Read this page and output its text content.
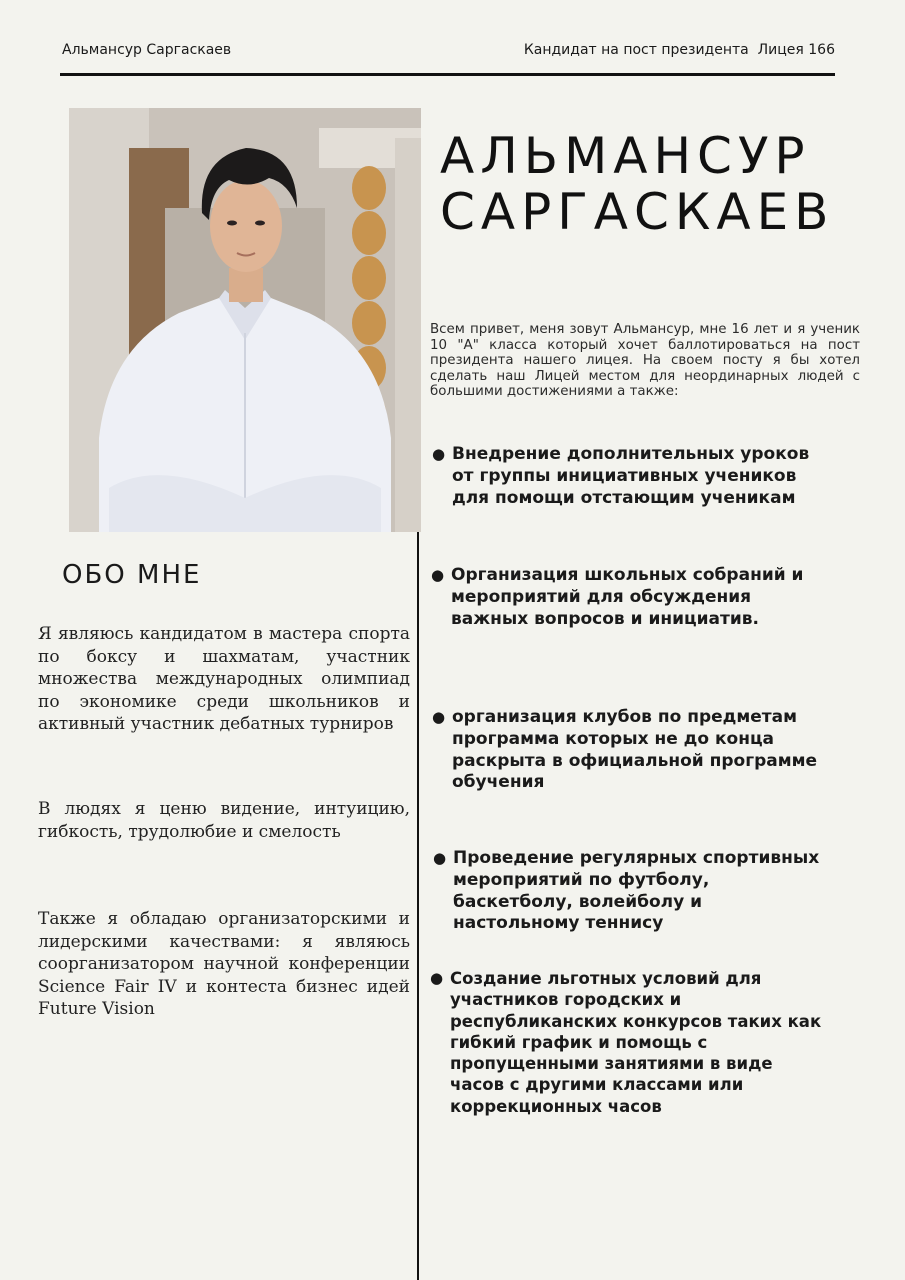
Альмансур Саргаскаев	Кандидат на пост президента  Лицея 166
АЛЬМАНСУР
САРГАСКАЕВ
Всем привет, меня зовут Альмансур, мне 16 лет и я ученик 10 "А" класса который хочет баллотироваться на пост президента нашего лицея. На своем посту я бы хотел сделать наш Лицей местом для неординарных людей с большими достижениями а также:
ОБО МНЕ
Я являюсь кандидатом в мастера спорта по боксу и шахматам, участник множества международных олимпиад по экономике среди школьников и активный участник дебатных турниров
В людях я ценю видение, интуицию, гибкость, трудолюбие и смелость
Также я обладаю организаторскими и лидерскими качествами: я являюсь соорганизатором научной конференции Science Fair IV и контеста бизнес идей Future Vision
● Внедрение дополнительных уроков от группы инициативных учеников для помощи отстающим ученикам
● Организация школьных собраний и мероприятий для обсуждения важных вопросов и инициатив.
● организация клубов по предметам программа которых не до конца раскрыта в официальной программе обучения
● Проведение регулярных спортивных мероприятий по футболу, баскетболу, волейболу и настольному теннису
● Создание льготных условий для участников городских и республиканских конкурсов таких как гибкий график и помощь с пропущенными занятиями в виде часов с другими классами или коррекционных часов
